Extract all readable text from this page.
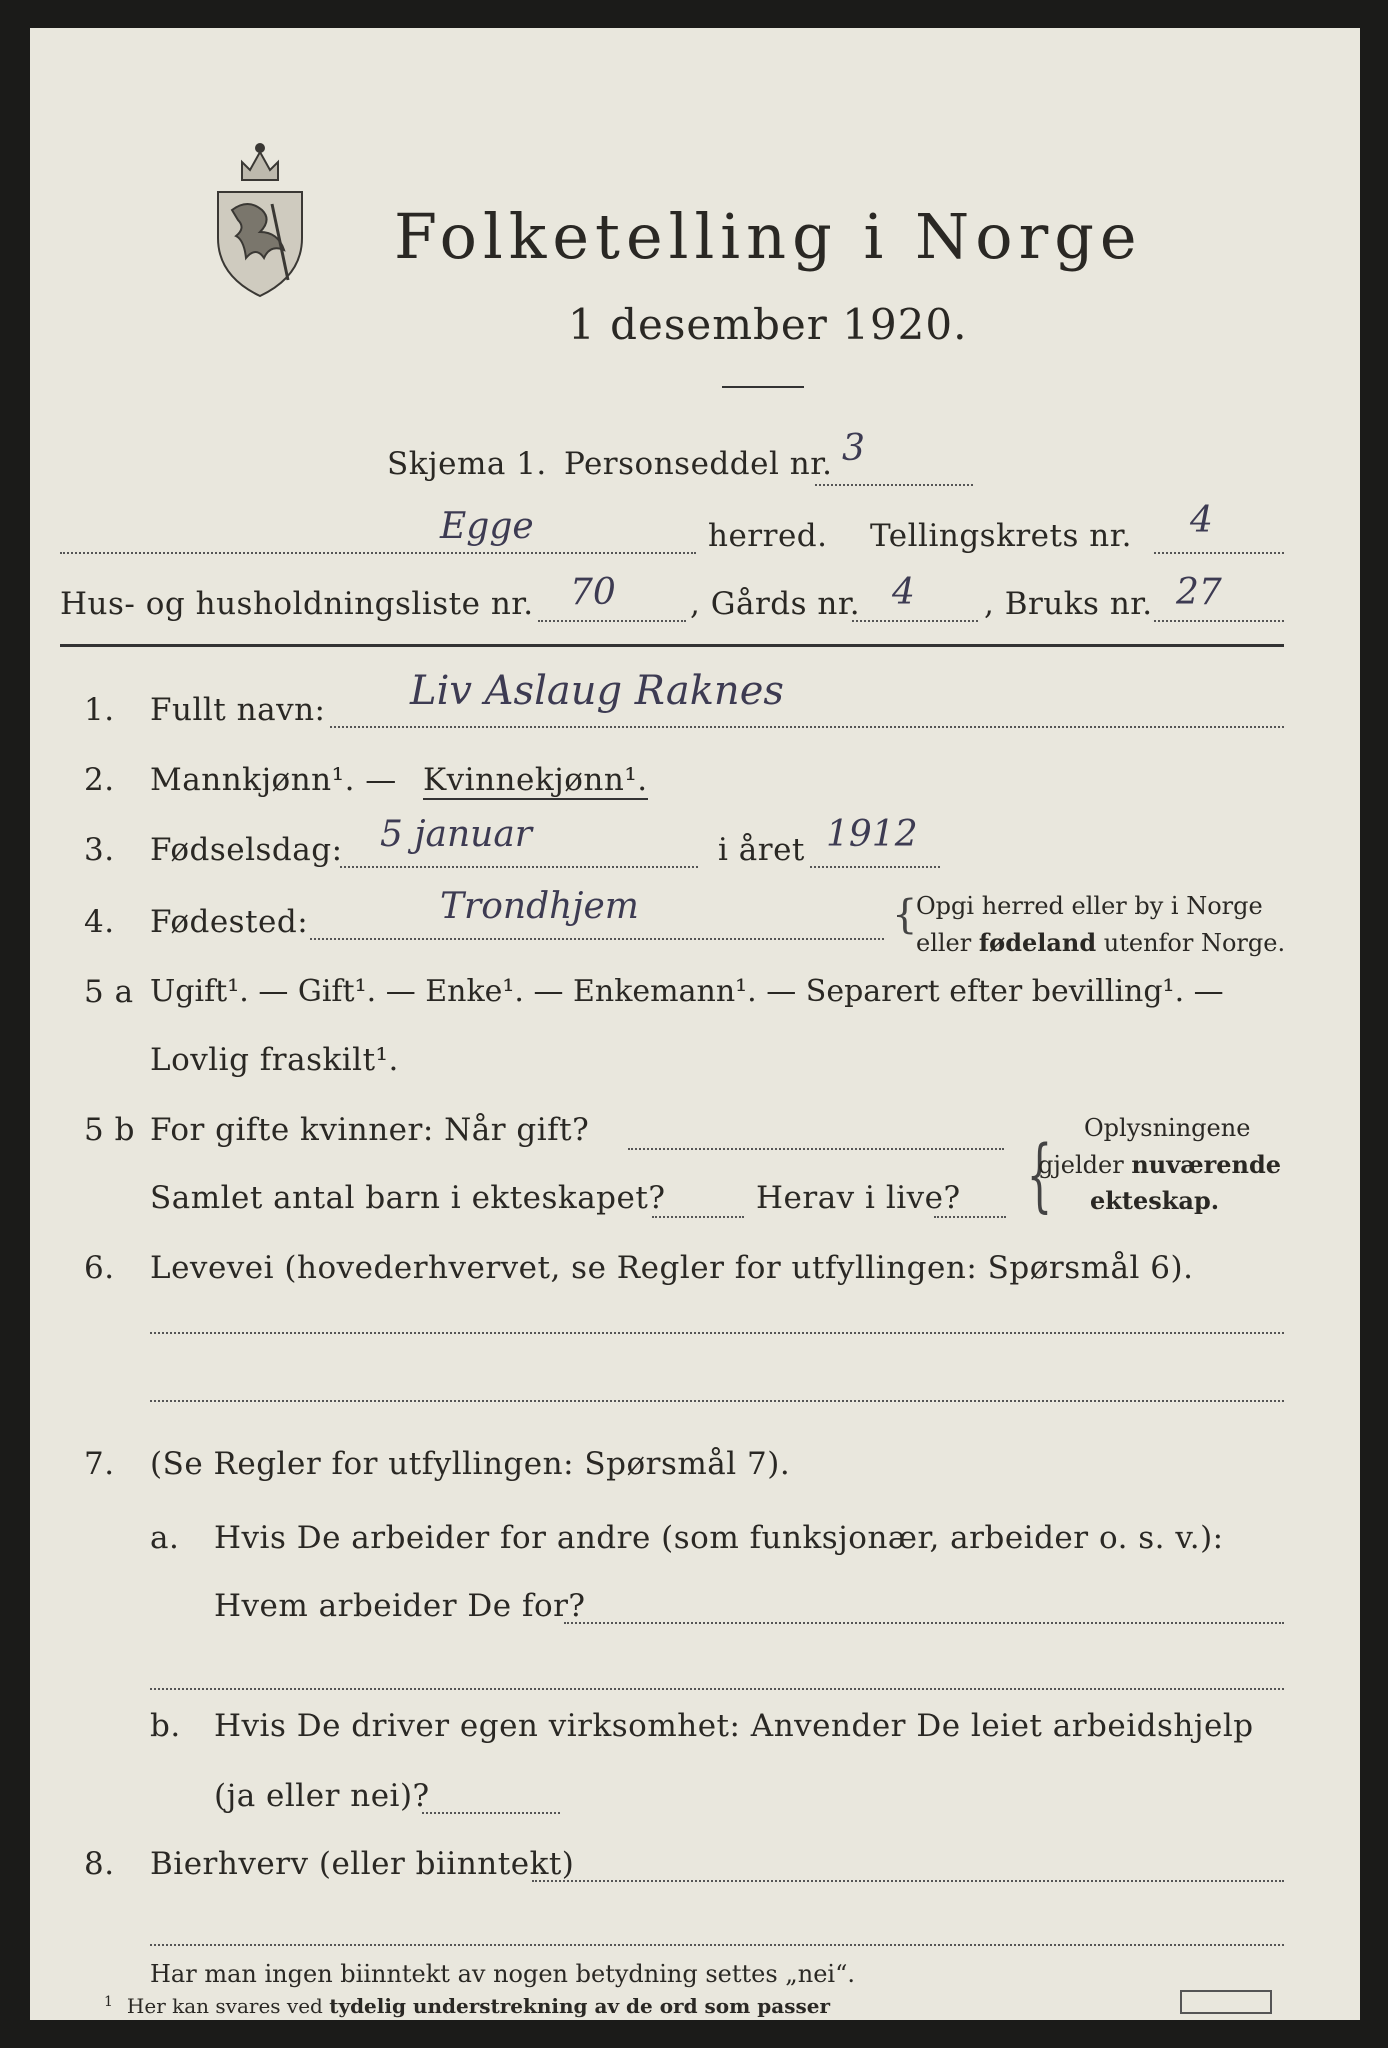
Folketelling i Norge
1 desember 1920.
Skjema 1. Personseddel nr. 3
Egge	herred. Tellingskrets nr. 4
Hus- og husholdningsliste nr. 70 , Gårds nr. 4 , Bruks nr. 27
1. Fullt navn: Liv Aslaug Raknes
2. Mannkjønn¹. — Kvinnekjønn¹.
3. Fødselsdag: 5 januar	i året 1912
4. Fødested:	Trondhjem	{
Opgi herred eller by i Norge
eller fødeland utenfor Norge.
5 a Ugift¹. — Gift¹. — Enke¹. — Enkemann¹. — Separert efter bevilling¹. —
Lovlig fraskilt¹.
5 b For gifte kvinner: Når gift?
Samlet antal barn i ekteskapet?	Herav i live? { Oplysningene
gjelder nuværende
ekteskap.
6. Levevei (hovederhvervet, se Regler for utfyllingen: Spørsmål 6).
7. (Se Regler for utfyllingen: Spørsmål 7).
a. Hvis De arbeider for andre (som funksjonær, arbeider o. s. v.):
Hvem arbeider De for?
b. Hvis De driver egen virksomhet: Anvender De leiet arbeidshjelp
(ja eller nei)?
8. Bierhverv (eller biinntekt)
Har man ingen biinntekt av nogen betydning settes „nei“.
$^1$ Her kan svares ved tydelig understrekning av de ord som passer
